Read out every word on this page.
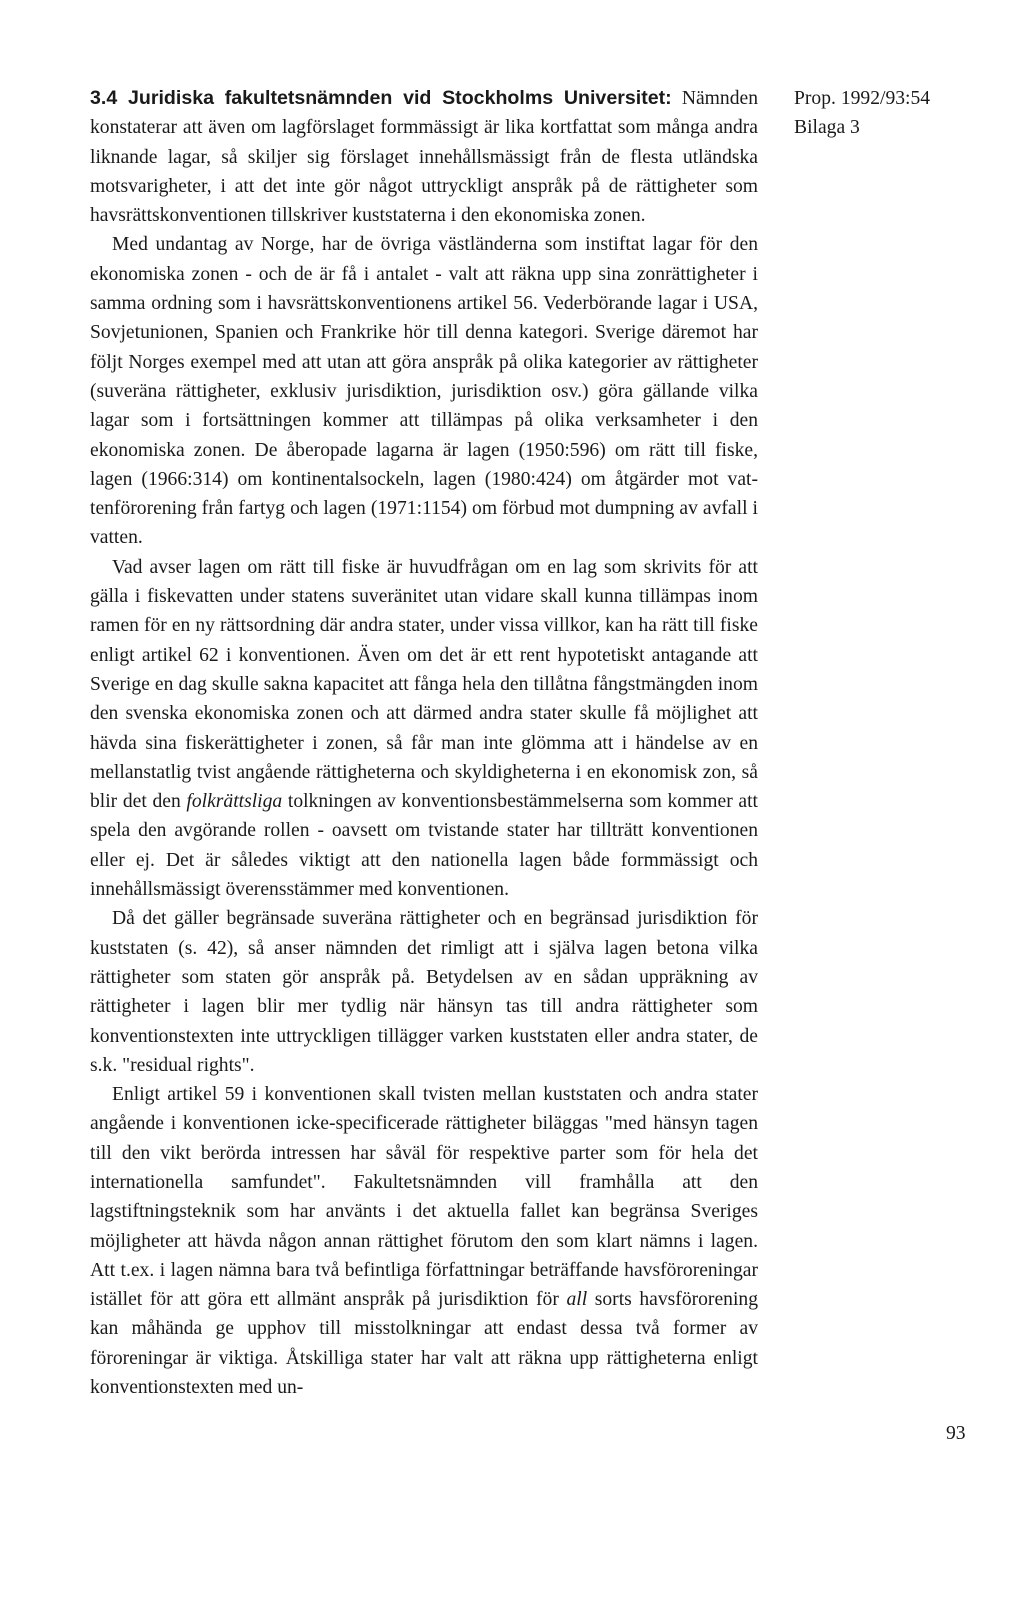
Prop. 1992/93:54
Bilaga 3

3.4 Juridiska fakultetsnämnden vid Stockholms Universitet: Nämnden konstaterar att även om lagförslaget formmässigt är lika kortfattat som många andra liknande lagar, så skiljer sig förslaget innehållsmässigt från de flesta utländska motsvarigheter, i att det inte gör något uttryckligt anspråk på de rättigheter som havsrättskonventionen tillskriver kuststaterna i den ekonomiska zonen.

Med undantag av Norge, har de övriga västländerna som instiftat lagar för den ekonomiska zonen - och de är få i antalet - valt att räkna upp sina zonrättigheter i samma ordning som i havsrättskonventionens artikel 56. Vederbörande lagar i USA, Sovjetunionen, Spanien och Frankrike hör till denna kategori. Sverige däremot har följt Norges exempel med att utan att göra anspråk på olika kategorier av rättigheter (suveräna rättigheter, exklusiv jurisdiktion, jurisdiktion osv.) göra gällande vilka lagar som i fortsättningen kommer att tillämpas på olika verksamheter i den ekonomiska zonen. De åberopade lagarna är lagen (1950:596) om rätt till fiske, lagen (1966:314) om kontinentalsockeln, lagen (1980:424) om åtgärder mot vattenförorening från fartyg och lagen (1971:1154) om förbud mot dumpning av avfall i vatten.

Vad avser lagen om rätt till fiske är huvudfrågan om en lag som skrivits för att gälla i fiskevatten under statens suveränitet utan vidare skall kunna tillämpas inom ramen för en ny rättsordning där andra stater, under vissa villkor, kan ha rätt till fiske enligt artikel 62 i konventionen. Även om det är ett rent hypotetiskt antagande att Sverige en dag skulle sakna kapacitet att fånga hela den tillåtna fångstmängden inom den svenska ekonomiska zonen och att därmed andra stater skulle få möjlighet att hävda sina fiskerättigheter i zonen, så får man inte glömma att i händelse av en mellanstatlig tvist angående rättigheterna och skyldigheterna i en ekonomisk zon, så blir det den folkrättsliga tolkningen av konventionsbestämmelserna som kommer att spela den avgörande rollen - oavsett om tvistande stater har tillträtt konventionen eller ej. Det är således viktigt att den nationella lagen både formmässigt och innehållsmässigt överensstämmer med konventionen.

Då det gäller begränsade suveräna rättigheter och en begränsad jurisdiktion för kuststaten (s. 42), så anser nämnden det rimligt att i själva lagen betona vilka rättigheter som staten gör anspråk på. Betydelsen av en sådan uppräkning av rättigheter i lagen blir mer tydlig när hänsyn tas till andra rättigheter som konventionstexten inte uttryckligen tillägger varken kuststaten eller andra stater, de s.k. "residual rights".

Enligt artikel 59 i konventionen skall tvisten mellan kuststaten och andra stater angående i konventionen icke-specificerade rättigheter biläggas "med hänsyn tagen till den vikt berörda intressen har såväl för respektive parter som för hela det internationella samfundet". Fakultetsnämnden vill framhålla att den lagstiftningsteknik som har använts i det aktuella fallet kan begränsa Sveriges möjligheter att hävda någon annan rättighet förutom den som klart nämns i lagen. Att t.ex. i lagen nämna bara två befintliga författningar beträffande havsföroreningar istället för att göra ett allmänt anspråk på jurisdiktion för all sorts havsförorening kan måhända ge upphov till misstolkningar att endast dessa två former av föroreningar är viktiga. Åtskilliga stater har valt att räkna upp rättigheterna enligt konventionstexten med un-

93
